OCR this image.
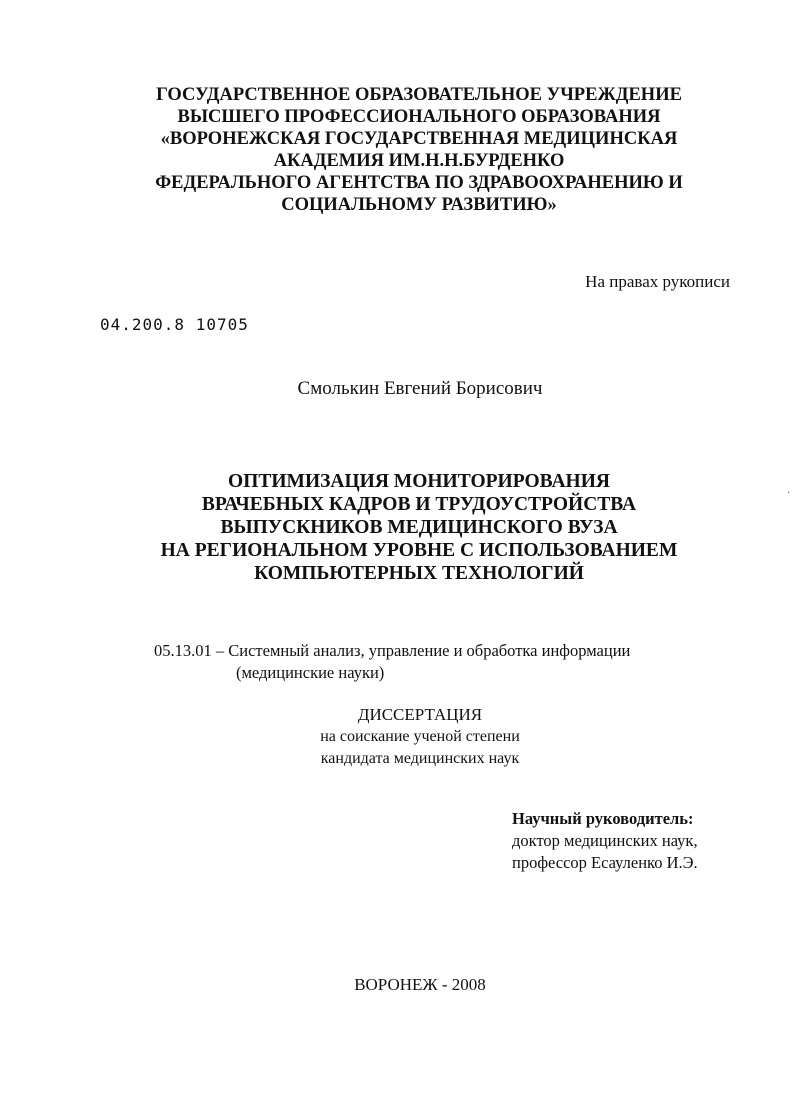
ГОСУДАРСТВЕННОЕ ОБРАЗОВАТЕЛЬНОЕ УЧРЕЖДЕНИЕ
ВЫСШЕГО ПРОФЕССИОНАЛЬНОГО ОБРАЗОВАНИЯ
«ВОРОНЕЖСКАЯ ГОСУДАРСТВЕННАЯ МЕДИЦИНСКАЯ
АКАДЕМИЯ ИМ.Н.Н.БУРДЕНКО
ФЕДЕРАЛЬНОГО АГЕНТСТВА ПО ЗДРАВООХРАНЕНИЮ И
СОЦИАЛЬНОМУ РАЗВИТИЮ»
На правах рукописи
04.200.8 10705
Смолькин Евгений Борисович
ОПТИМИЗАЦИЯ МОНИТОРИРОВАНИЯ
ВРАЧЕБНЫХ КАДРОВ И ТРУДОУСТРОЙСТВА
ВЫПУСКНИКОВ МЕДИЦИНСКОГО ВУЗА
НА РЕГИОНАЛЬНОМ УРОВНЕ С ИСПОЛЬЗОВАНИЕМ
КОМПЬЮТЕРНЫХ ТЕХНОЛОГИЙ
05.13.01 – Системный анализ, управление и обработка информации
(медицинские науки)
ДИССЕРТАЦИЯ
на соискание ученой степени
кандидата медицинских наук
Научный руководитель:
доктор медицинских наук,
профессор Есауленко И.Э.
ВОРОНЕЖ - 2008
·
